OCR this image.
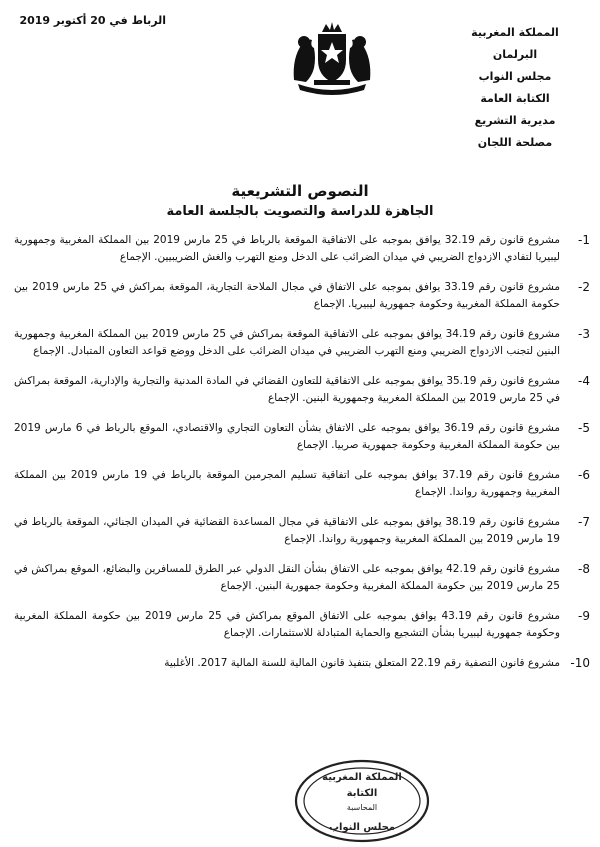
الرباط في 20 أكتوبر 2019
المملكة المغربية
البرلمان
مجلس النواب
الكتابة العامة
مديرية التشريع
مصلحة اللجان
النصوص التشريعية
الجاهزة للدراسة والتصويت بالجلسة العامة
1-
مشروع قانون رقم 32.19 يوافق بموجبه على الاتفاقية الموقعة بالرباط في 25 مارس 2019 بين المملكة المغربية وجمهورية ليبيريا لتفادي الازدواج الضريبي في ميدان الضرائب على الدخل ومنع التهرب والغش الضريبيين. الإجماع
2-
مشروع قانون رقم 33.19 يوافق بموجبه على الاتفاق في مجال الملاحة التجارية، الموقعة بمراكش في 25 مارس 2019 بين حكومة المملكة المغربية وحكومة جمهورية ليبيريا. الإجماع
3-
مشروع قانون رقم 34.19 يوافق بموجبه على الاتفاقية الموقعة بمراكش في 25 مارس 2019 بين المملكة المغربية وجمهورية البنين لتجنب الازدواج الضريبي ومنع التهرب الضريبي في ميدان الضرائب على الدخل ووضع قواعد التعاون المتبادل. الإجماع
4-
مشروع قانون رقم 35.19 يوافق بموجبه على الاتفاقية للتعاون القضائي في المادة المدنية والتجارية والإدارية، الموقعة بمراكش في 25 مارس 2019 بين المملكة المغربية وجمهورية البنين. الإجماع
5-
مشروع قانون رقم 36.19 يوافق بموجبه على الاتفاق بشأن التعاون التجاري والاقتصادي، الموقع بالرباط في 6 مارس 2019 بين حكومة المملكة المغربية وحكومة جمهورية صربيا. الإجماع
6-
مشروع قانون رقم 37.19 يوافق بموجبه على اتفاقية تسليم المجرمين الموقعة بالرباط في 19 مارس 2019 بين المملكة المغربية وجمهورية رواندا. الإجماع
7-
مشروع قانون رقم 38.19 يوافق بموجبه على الاتفاقية في مجال المساعدة القضائية في الميدان الجنائي، الموقعة بالرباط في 19 مارس 2019 بين المملكة المغربية وجمهورية رواندا. الإجماع
8-
مشروع قانون رقم 42.19 يوافق بموجبه على الاتفاق بشأن النقل الدولي عبر الطرق للمسافرين والبضائع، الموقع بمراكش في 25 مارس 2019 بين حكومة المملكة المغربية وحكومة جمهورية البنين. الإجماع
9-
مشروع قانون رقم 43.19 يوافق بموجبه على الاتفاق الموقع بمراكش في 25 مارس 2019 بين حكومة المملكة المغربية وحكومة جمهورية ليبيريا بشأن التشجيع والحماية المتبادلة للاستثمارات. الإجماع
10-
مشروع قانون التصفية رقم 22.19 المتعلق بتنفيذ قانون المالية للسنة المالية 2017. الأغلبية
المملكة المغربية
الكتابة
المحاسبة
مجلس النواب
